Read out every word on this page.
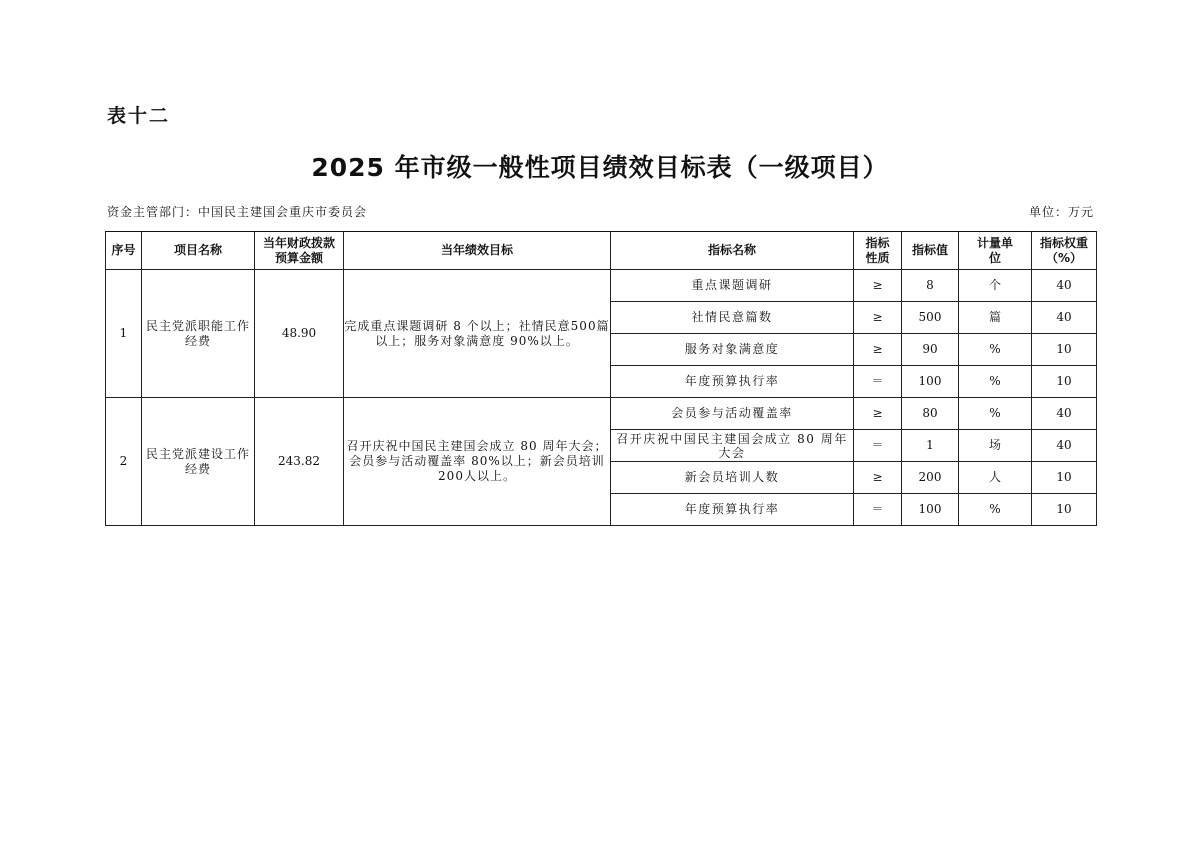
表十二
2025 年市级一般性项目绩效目标表（一级项目）
资金主管部门：中国民主建国会重庆市委员会	单位：万元
序号	项目名称	当年财政拨款预算金额	当年绩效目标	指标名称	指标性质	指标值	计量单位	指标权重（%）
1	民主党派职能工作经费	48.90	完成重点课题调研 8 个以上；社情民意500篇以上；服务对象满意度 90%以上。	重点课题调研	≥	8	个	40
				社情民意篇数	≥	500	篇	40
				服务对象满意度	≥	90	%	10
				年度预算执行率	＝	100	%	10
2	民主党派建设工作经费	243.82	召开庆祝中国民主建国会成立 80 周年大会；会员参与活动覆盖率 80%以上；新会员培训200人以上。	会员参与活动覆盖率	≥	80	%	40
				召开庆祝中国民主建国会成立 80 周年大会	＝	1	场	40
				新会员培训人数	≥	200	人	10
				年度预算执行率	＝	100	%	10
